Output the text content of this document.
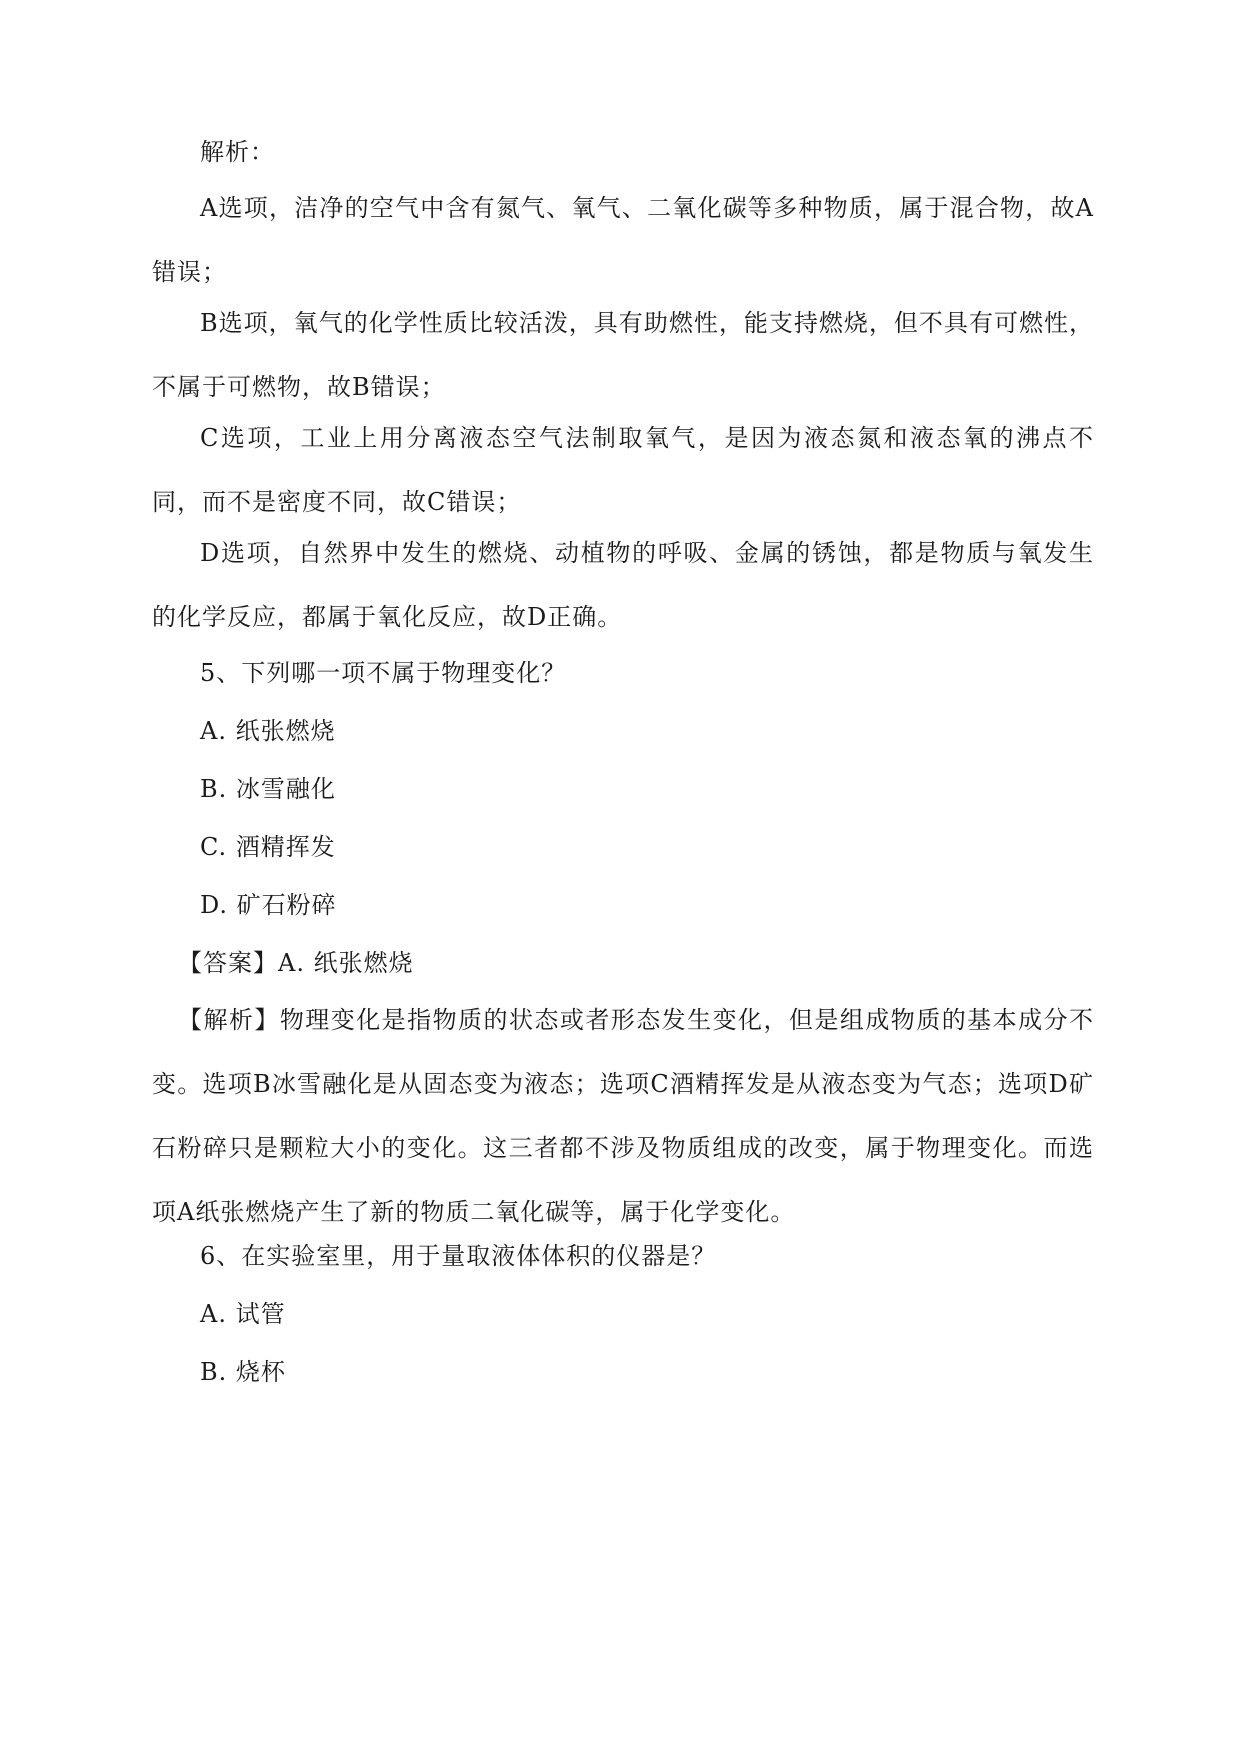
解析：

A选项，洁净的空气中含有氮气、氧气、二氧化碳等多种物质，属于混合物，故A错误；

B选项，氧气的化学性质比较活泼，具有助燃性，能支持燃烧，但不具有可燃性，不属于可燃物，故B错误；

C选项，工业上用分离液态空气法制取氧气，是因为液态氮和液态氧的沸点不同，而不是密度不同，故C错误；

D选项，自然界中发生的燃烧、动植物的呼吸、金属的锈蚀，都是物质与氧发生的化学反应，都属于氧化反应，故D正确。

5、下列哪一项不属于物理变化？

A. 纸张燃烧

B. 冰雪融化

C. 酒精挥发

D. 矿石粉碎

【答案】A. 纸张燃烧

【解析】物理变化是指物质的状态或者形态发生变化，但是组成物质的基本成分不变。选项B冰雪融化是从固态变为液态；选项C酒精挥发是从液态变为气态；选项D矿石粉碎只是颗粒大小的变化。这三者都不涉及物质组成的改变，属于物理变化。而选项A纸张燃烧产生了新的物质二氧化碳等，属于化学变化。

6、在实验室里，用于量取液体体积的仪器是？

A. 试管

B. 烧杯
